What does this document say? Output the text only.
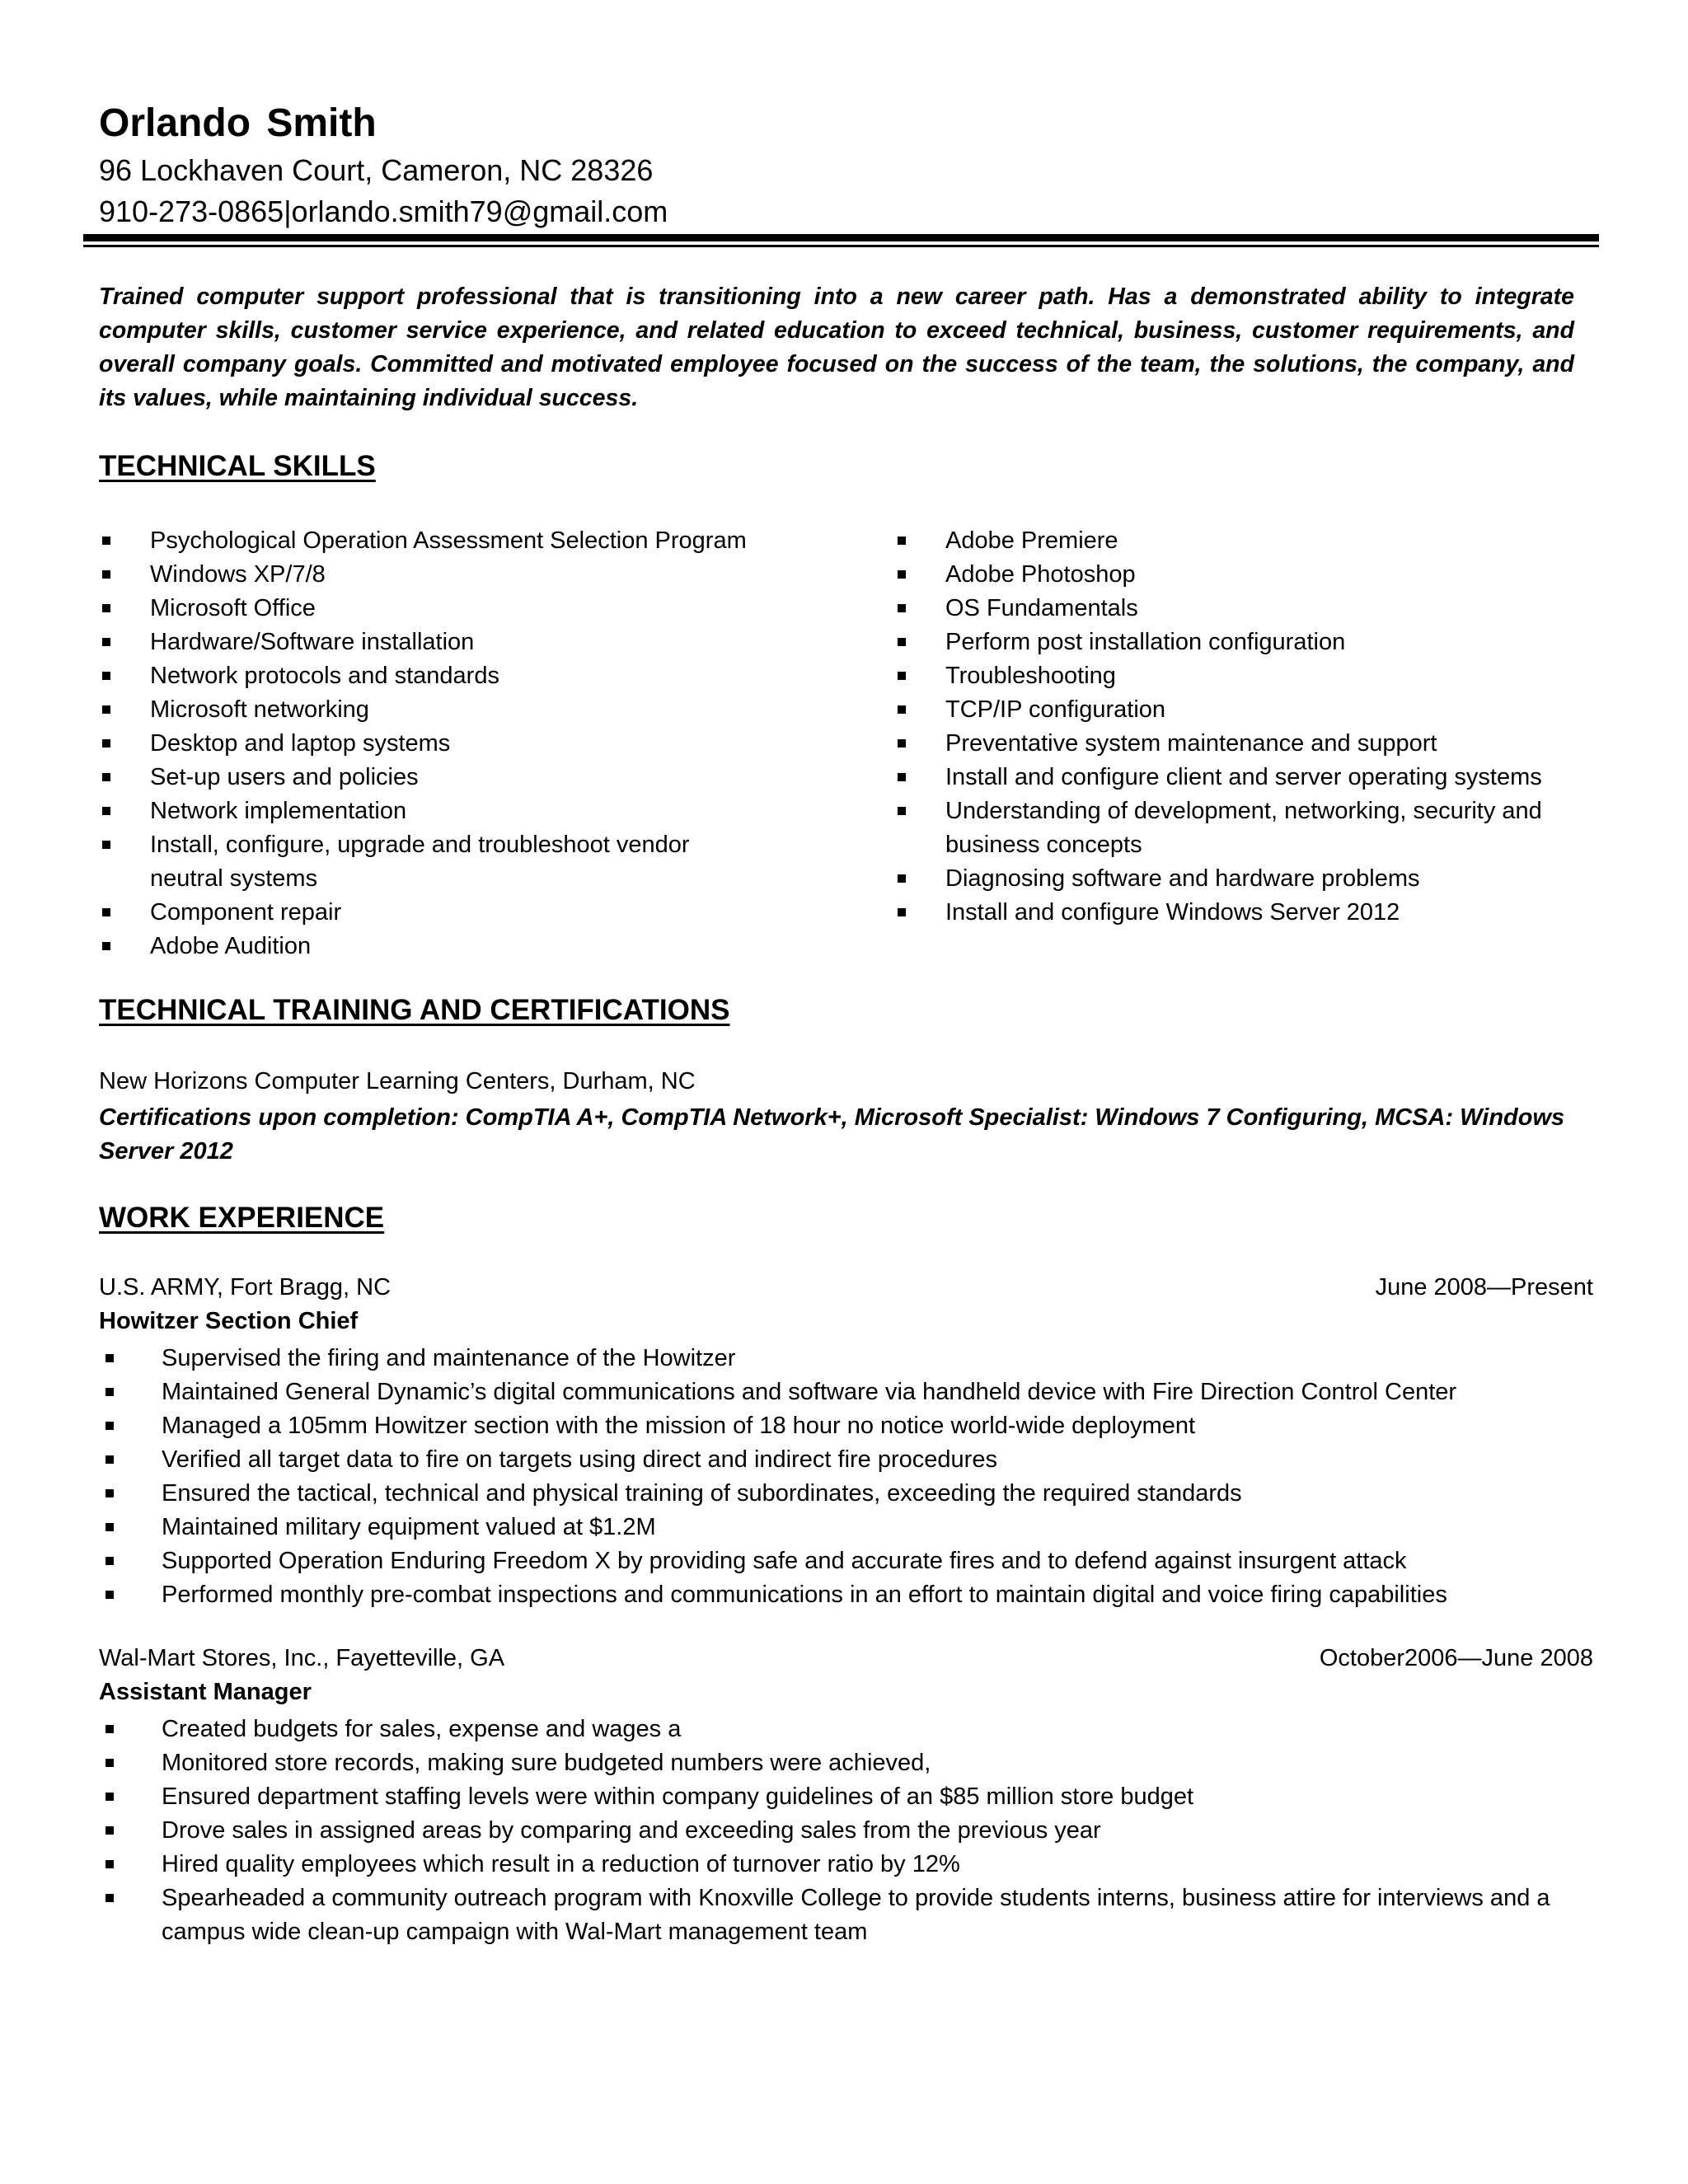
Orlando Smith
96 Lockhaven Court, Cameron, NC 28326
910-273-0865|orlando.smith79@gmail.com
Trained computer support professional that is transitioning into a new career path. Has a demonstrated ability to integrate computer skills, customer service experience, and related education to exceed technical, business, customer requirements, and overall company goals. Committed and motivated employee focused on the success of the team, the solutions, the company, and its values, while maintaining individual success.
TECHNICAL SKILLS
Psychological Operation Assessment Selection Program
Windows XP/7/8
Microsoft Office
Hardware/Software installation
Network protocols and standards
Microsoft networking
Desktop and laptop systems
Set-up users and policies
Network implementation
Install, configure, upgrade and troubleshoot vendor neutral systems
Component repair
Adobe Audition
Adobe Premiere
Adobe Photoshop
OS Fundamentals
Perform post installation configuration
Troubleshooting
TCP/IP configuration
Preventative system maintenance and support
Install and configure client and server operating systems
Understanding of development, networking, security and business concepts
Diagnosing software and hardware problems
Install and configure Windows Server 2012
TECHNICAL TRAINING AND CERTIFICATIONS
New Horizons Computer Learning Centers, Durham, NC
Certifications upon completion: CompTIA A+, CompTIA Network+, Microsoft Specialist: Windows 7 Configuring, MCSA: Windows Server 2012
WORK EXPERIENCE
U.S. ARMY, Fort Bragg, NC	June 2008—Present
Howitzer Section Chief
Supervised the firing and maintenance of the Howitzer
Maintained General Dynamic’s digital communications and software via handheld device with Fire Direction Control Center
Managed a 105mm Howitzer section with the mission of 18 hour no notice world-wide deployment
Verified all target data to fire on targets using direct and indirect fire procedures
Ensured the tactical, technical and physical training of subordinates, exceeding the required standards
Maintained military equipment valued at $1.2M
Supported Operation Enduring Freedom X by providing safe and accurate fires and to defend against insurgent attack
Performed monthly pre-combat inspections and communications in an effort to maintain digital and voice firing capabilities
Wal-Mart Stores, Inc., Fayetteville, GA	October2006—June 2008
Assistant Manager
Created budgets for sales, expense and wages a
Monitored store records, making sure budgeted numbers were achieved,
Ensured department staffing levels were within company guidelines of an $85 million store budget
Drove sales in assigned areas by comparing and exceeding sales from the previous year
Hired quality employees which result in a reduction of turnover ratio by 12%
Spearheaded a community outreach program with Knoxville College to provide students interns, business attire for interviews and a campus wide clean-up campaign with Wal-Mart management team
